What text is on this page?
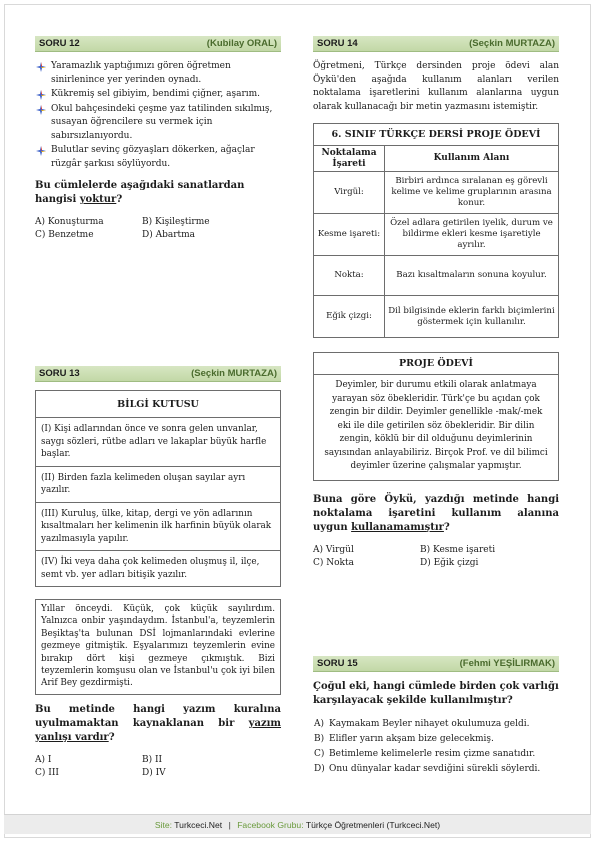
SORU 12	(Kubilay ORAL)
Yaramazlık yaptığımızı gören öğretmen sinirlenince yer yerinden oynadı.
Kükremiş sel gibiyim, bendimi çiğner, aşarım.
Okul bahçesindeki çeşme yaz tatilinden sıkılmış, susayan öğrencilere su vermek için sabırsızlanıyordu.
Bulutlar sevinç gözyaşları dökerken, ağaçlar rüzgâr şarkısı söylüyordu.

Bu cümlelerde aşağıdaki sanatlardan hangisi yoktur?

A) Konuşturma	B) Kişileştirme
C) Benzetme	D) Abartma
SORU 13	(Seçkin MURTAZA)
BİLGİ KUTUSU
(I) Kişi adlarından önce ve sonra gelen unvanlar, saygı sözleri, rütbe adları ve lakaplar büyük harfle başlar.
(II) Birden fazla kelimeden oluşan sayılar ayrı yazılır.
(III) Kuruluş, ülke, kitap, dergi ve yön adlarının kısaltmaları her kelimenin ilk harfinin büyük olarak yazılmasıyla yapılır.
(IV) İki veya daha çok kelimeden oluşmuş il, ilçe, semt vb. yer adları bitişik yazılır.
Yıllar önceydi. Küçük, çok küçük sayılırdım. Yalnızca onbir yaşındaydım. İstanbul'a, teyzemlerin Beşiktaş'ta bulunan DSİ lojmanlarındaki evlerine gezmeye gitmiştik. Eşyalarımızı teyzemlerin evine bırakıp dört kişi gezmeye çıkmıştık. Bizi teyzemlerin komşusu olan ve İstanbul'u çok iyi bilen Arif Bey gezdirmişti.

Bu metinde hangi yazım kuralına uyulmamaktan kaynaklanan bir yazım yanlışı vardır?

A) I	B) II
C) III	D) IV
SORU 14	(Seçkin MURTAZA)

Öğretmeni, Türkçe dersinden proje ödevi alan Öykü'den aşağıda kullanım alanları verilen noktalama işaretlerini kullanım alanlarına uygun olarak kullanacağı bir metin yazmasını istemiştir.

6. SINIF TÜRKÇE DERSİ PROJE ÖDEVİ	
Noktalama İşareti	Kullanım Alanı
Virgül:	Birbiri ardınca sıralanan eş görevli kelime ve kelime gruplarının arasına konur.
Kesme işareti:	Özel adlara getirilen iyelik, durum ve bildirme ekleri kesme işaretiyle ayrılır.
Nokta:	Bazı kısaltmaların sonuna koyulur.
Eğik çizgi:	Dil bilgisinde eklerin farklı biçimlerini göstermek için kullanılır.
PROJE ÖDEVİ
Deyimler, bir durumu etkili olarak anlatmaya yarayan söz öbekleridir. Türk'çe bu açıdan çok zengin bir dildir. Deyimler genellikle -mak/-mek eki ile dile getirilen söz öbekleridir. Bir dilin zengin, köklü bir dil olduğunu deyimlerinin sayısından anlayabiliriz. Birçok Prof. ve dil bilimci deyimler üzerine çalışmalar yapmıştır.

Buna göre Öykü, yazdığı metinde hangi noktalama işaretini kullanım alanına uygun kullanamamıştır?

A) Virgül	B) Kesme işareti
C) Nokta	D) Eğik çizgi
SORU 15	(Fehmi YEŞİLIRMAK)

Çoğul eki, hangi cümlede birden çok varlığı karşılayacak şekilde kullanılmıştır?

A) Kaymakam Beyler nihayet okulumuza geldi.
B) Elifler yarın akşam bize gelecekmiş.
C) Betimleme kelimelerle resim çizme sanatıdır.
D) Onu dünyalar kadar sevdiğini sürekli söylerdi.
Site: Turkceci.Net | Facebook Grubu: Türkçe Öğretmenleri (Turkceci.Net)
